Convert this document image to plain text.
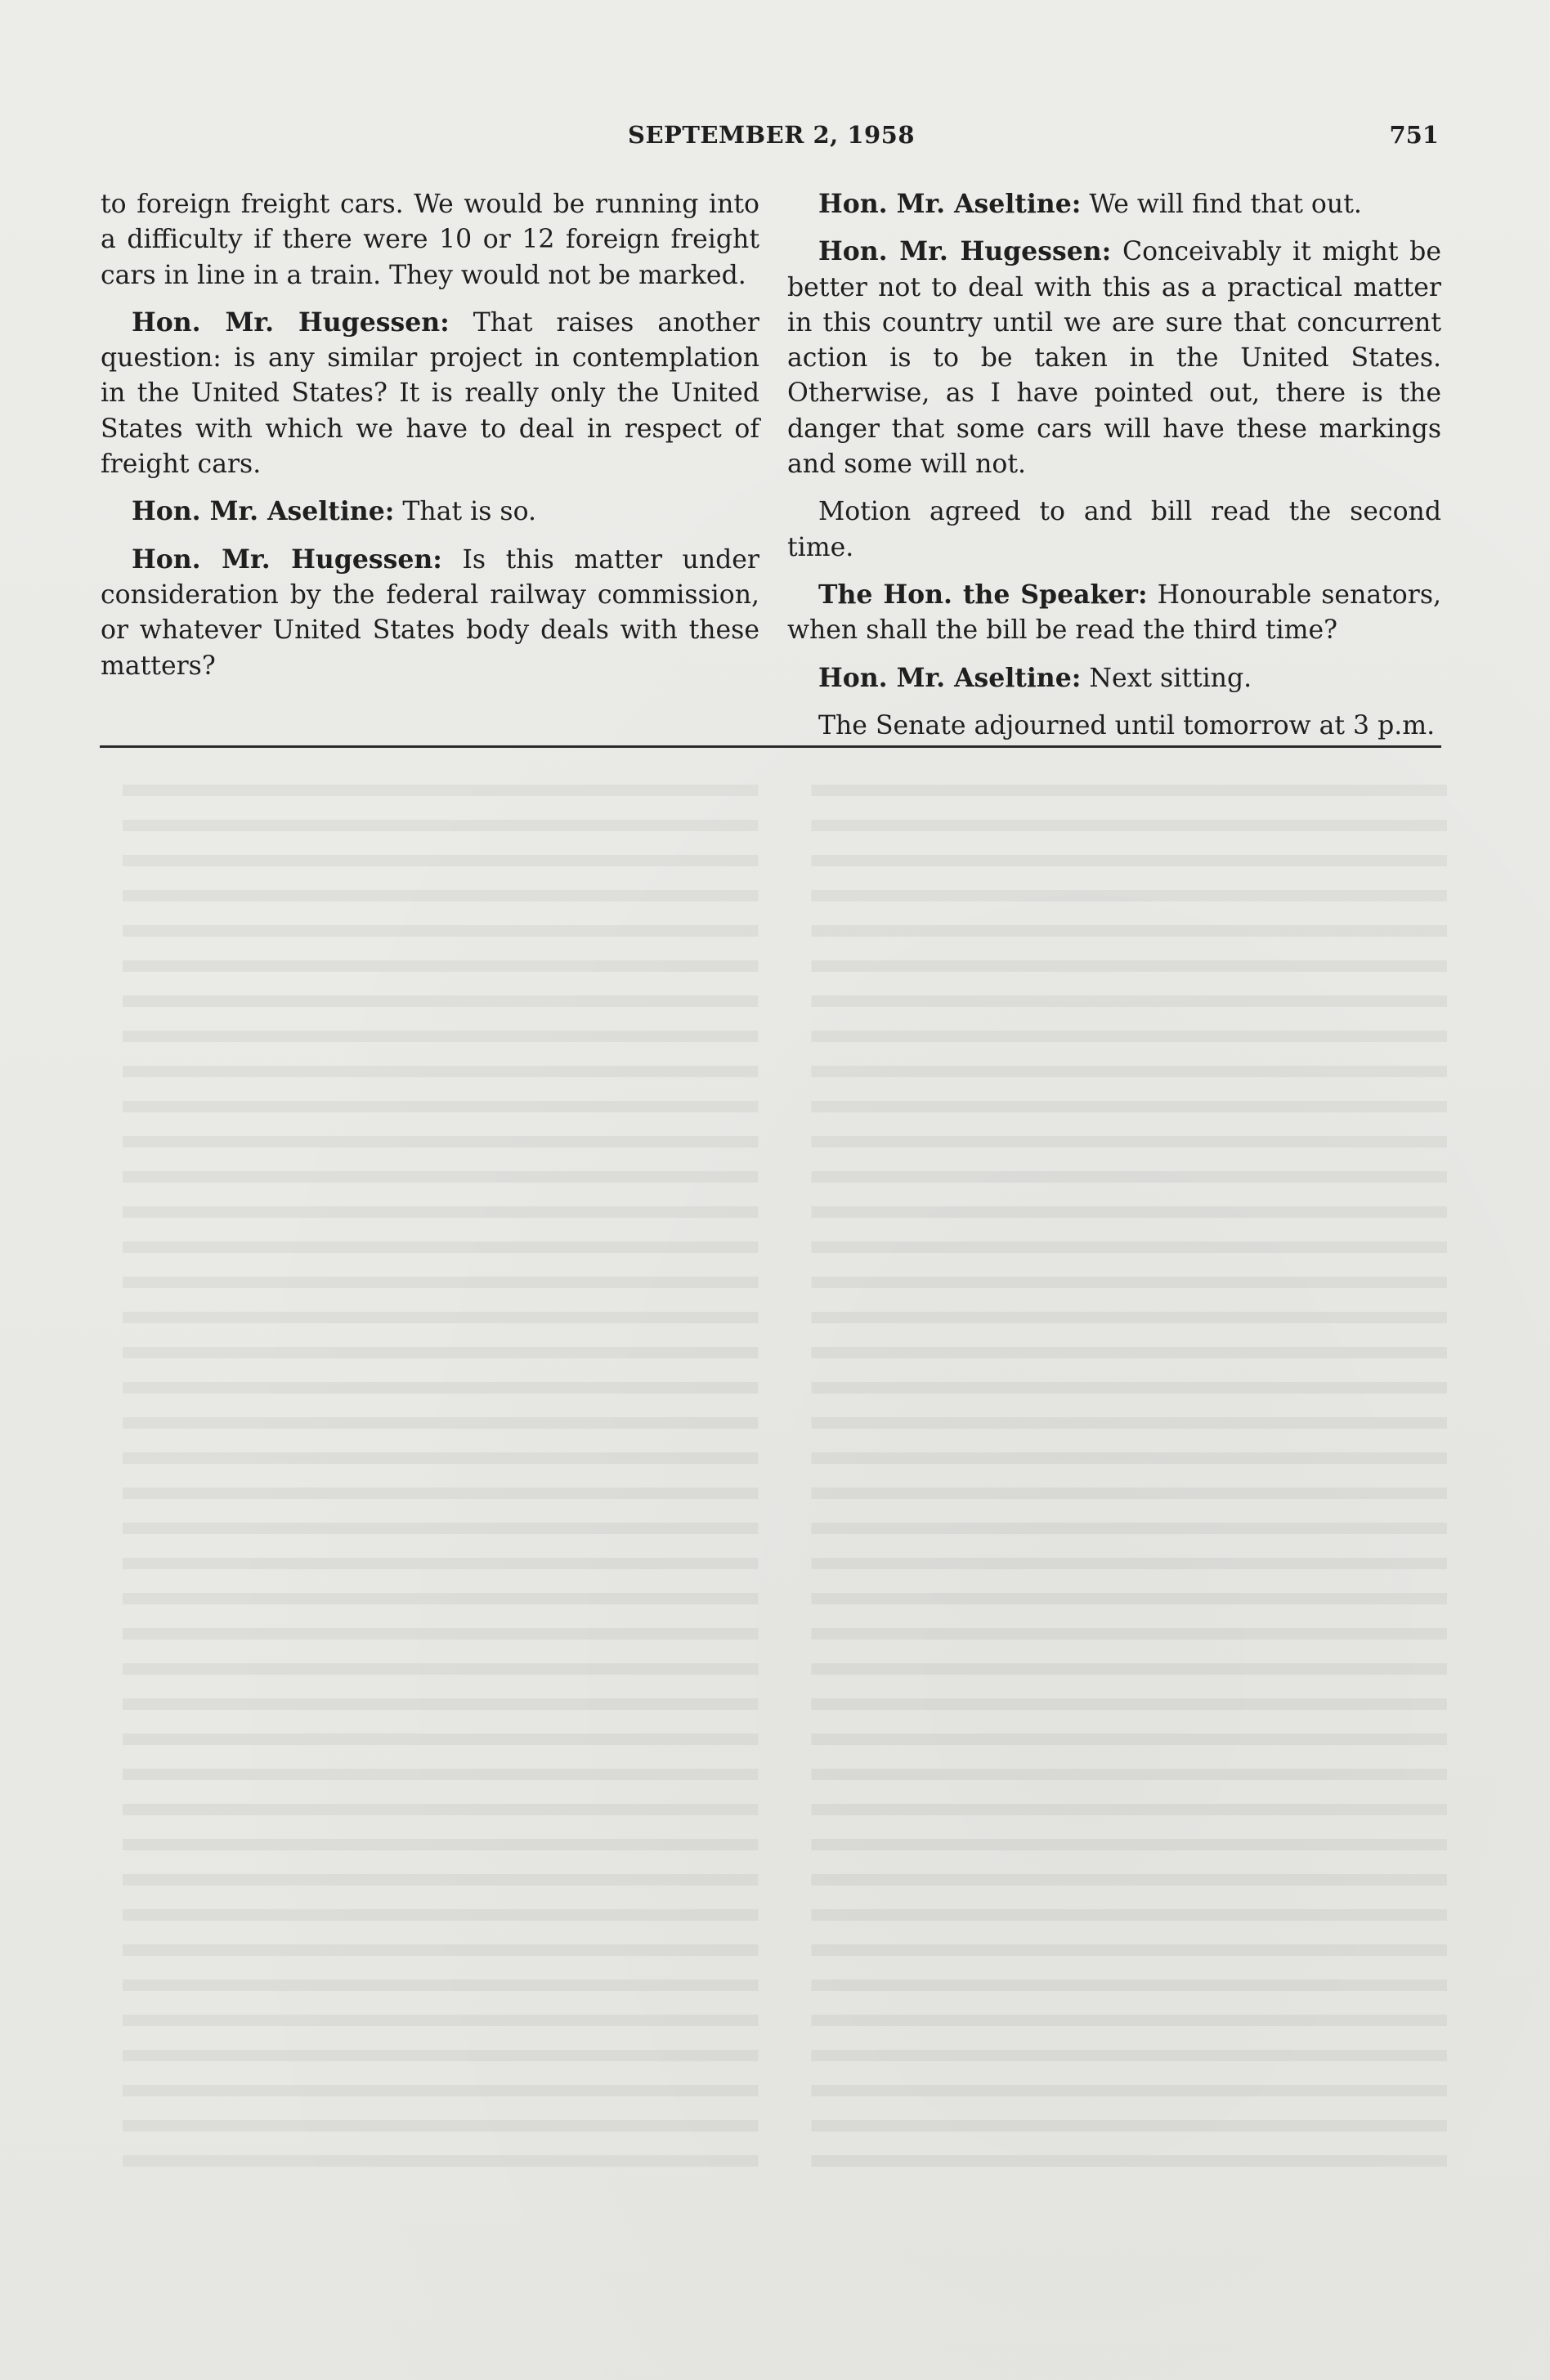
SEPTEMBER 2, 1958	751

to foreign freight cars. We would be running into a difficulty if there were 10 or 12 foreign freight cars in line in a train. They would not be marked.

Hon. Mr. Hugessen: That raises another question: is any similar project in contemplation in the United States? It is really only the United States with which we have to deal in respect of freight cars.

Hon. Mr. Aseltine: That is so.

Hon. Mr. Hugessen: Is this matter under consideration by the federal railway commission, or whatever United States body deals with these matters?

Hon. Mr. Aseltine: We will find that out.

Hon. Mr. Hugessen: Conceivably it might be better not to deal with this as a practical matter in this country until we are sure that concurrent action is to be taken in the United States. Otherwise, as I have pointed out, there is the danger that some cars will have these markings and some will not.

Motion agreed to and bill read the second time.

The Hon. the Speaker: Honourable senators, when shall the bill be read the third time?

Hon. Mr. Aseltine: Next sitting.

The Senate adjourned until tomorrow at 3 p.m.
